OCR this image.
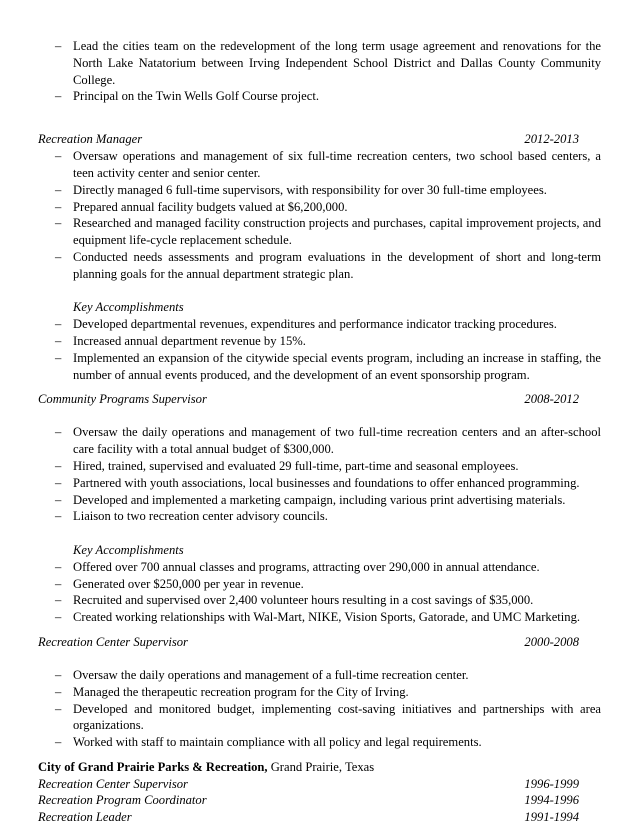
– Lead the cities team on the redevelopment of the long term usage agreement and renovations for the North Lake Natatorium between Irving Independent School District and Dallas County Community College.
– Principal on the Twin Wells Golf Course project.
Recreation Manager	2012-2013
– Oversaw operations and management of six full-time recreation centers, two school based centers, a teen activity center and senior center.
– Directly managed 6 full-time supervisors, with responsibility for over 30 full-time employees.
– Prepared annual facility budgets valued at $6,200,000.
– Researched and managed facility construction projects and purchases, capital improvement projects, and equipment life-cycle replacement schedule.
– Conducted needs assessments and program evaluations in the development of short and long-term planning goals for the annual department strategic plan.
Key Accomplishments
– Developed departmental revenues, expenditures and performance indicator tracking procedures.
– Increased annual department revenue by 15%.
– Implemented an expansion of the citywide special events program, including an increase in staffing, the number of annual events produced, and the development of an event sponsorship program.
Community Programs Supervisor	2008-2012
– Oversaw the daily operations and management of two full-time recreation centers and an after-school care facility with a total annual budget of $300,000.
– Hired, trained, supervised and evaluated 29 full-time, part-time and seasonal employees.
– Partnered with youth associations, local businesses and foundations to offer enhanced programming.
– Developed and implemented a marketing campaign, including various print advertising materials.
– Liaison to two recreation center advisory councils.
Key Accomplishments
– Offered over 700 annual classes and programs, attracting over 290,000 in annual attendance.
– Generated over $250,000 per year in revenue.
– Recruited and supervised over 2,400 volunteer hours resulting in a cost savings of $35,000.
– Created working relationships with Wal-Mart, NIKE, Vision Sports, Gatorade, and UMC Marketing.
Recreation Center Supervisor	2000-2008
– Oversaw the daily operations and management of a full-time recreation center.
– Managed the therapeutic recreation program for the City of Irving.
– Developed and monitored budget, implementing cost-saving initiatives and partnerships with area organizations.
– Worked with staff to maintain compliance with all policy and legal requirements.
City of Grand Prairie Parks & Recreation, Grand Prairie, Texas
Recreation Center Supervisor	1996-1999
Recreation Program Coordinator	1994-1996
Recreation Leader	1991-1994
